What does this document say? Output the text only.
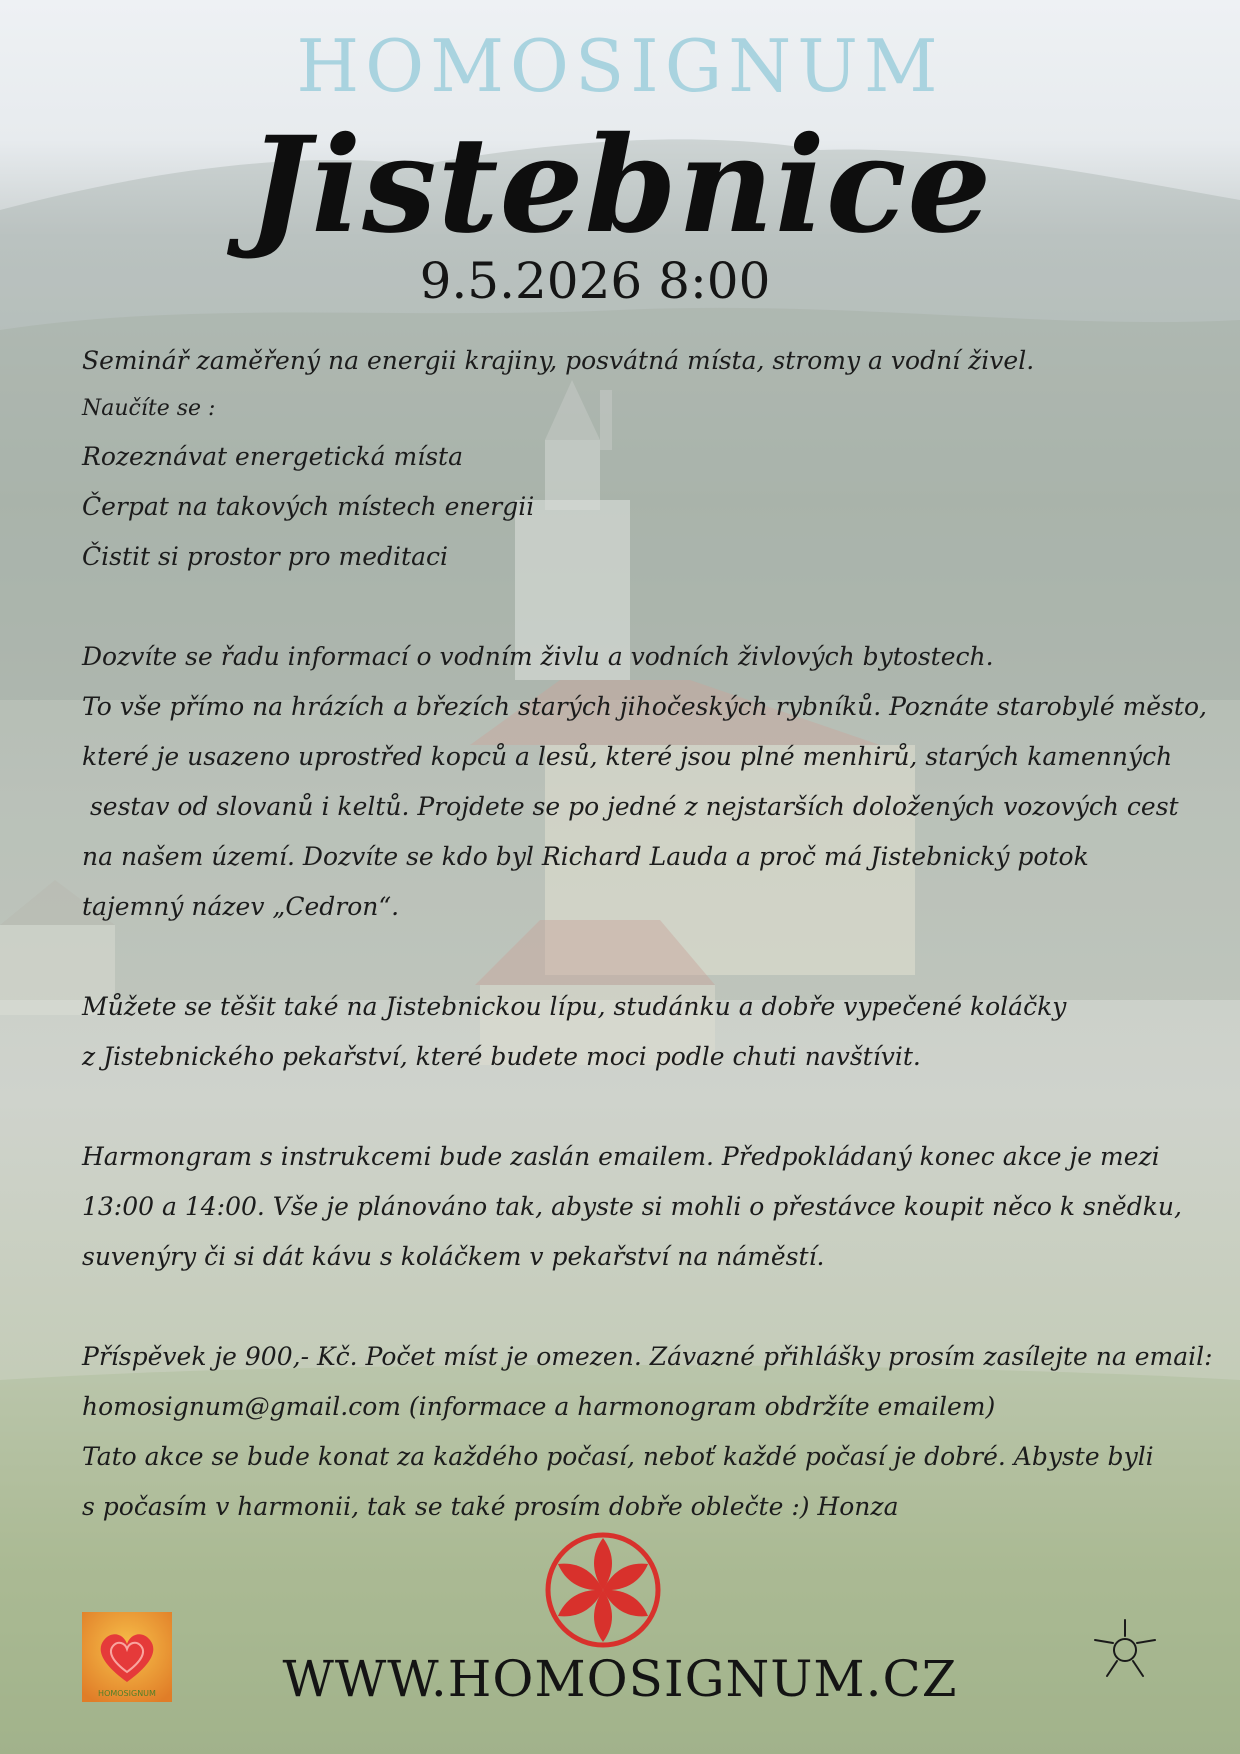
HOMOSIGNUM
Jistebnice
9.5.2026 8:00

Seminář zaměřený na energii krajiny, posvátná místa, stromy a vodní živel.

Naučíte se :

Rozeznávat energetická místa

Čerpat na takových místech energii

Čistit si prostor pro meditaci

Dozvíte se řadu informací o vodním živlu a vodních živlových bytostech.

To vše přímo na hrázích a březích starých jihočeských rybníků. Poznáte starobylé město,

které je usazeno uprostřed kopců a lesů, které jsou plné menhirů, starých kamenných

sestav od slovanů i keltů. Projdete se po jedné z nejstarších doložených vozových cest

na našem území. Dozvíte se kdo byl Richard Lauda a proč má Jistebnický potok

tajemný název „Cedron“.

Můžete se těšit také na Jistebnickou lípu, studánku a dobře vypečené koláčky

z Jistebnického pekařství, které budete moci podle chuti navštívit.

Harmongram s instrukcemi bude zaslán emailem. Předpokládaný konec akce je mezi

13:00 a 14:00. Vše je plánováno tak, abyste si mohli o přestávce koupit něco k snědku,

suvenýry či si dát kávu s koláčkem v pekařství na náměstí.

Příspěvek je 900,- Kč. Počet míst je omezen. Závazné přihlášky prosím zasílejte na email:

homosignum@gmail.com (informace a harmonogram obdržíte emailem)

Tato akce se bude konat za každého počasí, neboť každé počasí je dobré. Abyste byli

s počasím v harmonii, tak se také prosím dobře oblečte :) Honza

HOMOSIGNUM	WWW.HOMOSIGNUM.CZ
